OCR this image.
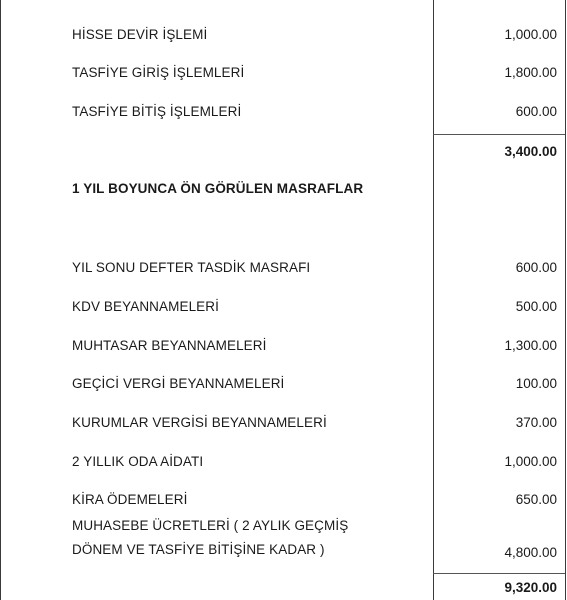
HİSSE DEVİR İŞLEMİ	1,000.00
TASFİYE GİRİŞ İŞLEMLERİ	1,800.00
TASFİYE BİTİŞ İŞLEMLERİ	600.00
3,400.00
1 YIL BOYUNCA ÖN GÖRÜLEN MASRAFLAR
YIL SONU DEFTER TASDİK MASRAFI	600.00
KDV BEYANNAMELERİ	500.00
MUHTASAR BEYANNAMELERİ	1,300.00
GEÇİCİ VERGİ BEYANNAMELERİ	100.00
KURUMLAR VERGİSİ BEYANNAMELERİ	370.00
2 YILLIK ODA AİDATI	1,000.00
KİRA ÖDEMELERİ	650.00
MUHASEBE ÜCRETLERİ ( 2 AYLIK GEÇMİŞ
DÖNEM VE TASFİYE BİTİŞİNE KADAR )	4,800.00
9,320.00
